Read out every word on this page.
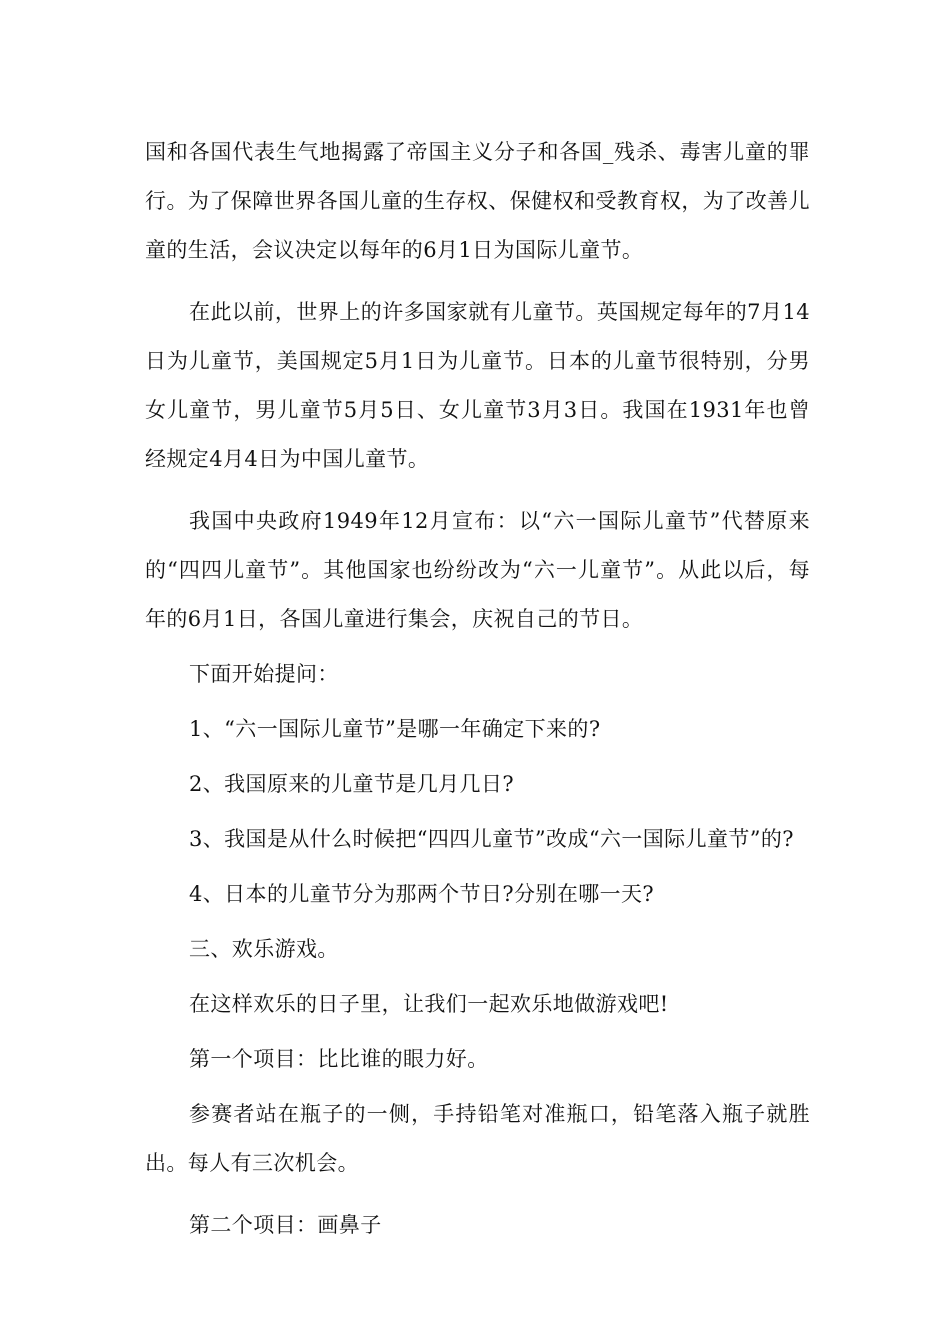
国和各国代表生气地揭露了帝国主义分子和各国_残杀、毒害儿童的罪行。为了保障世界各国儿童的生存权、保健权和受教育权，为了改善儿童的生活，会议决定以每年的6月1日为国际儿童节。

在此以前，世界上的许多国家就有儿童节。英国规定每年的7月14日为儿童节，美国规定5月1日为儿童节。日本的儿童节很特别，分男女儿童节，男儿童节5月5日、女儿童节3月3日。我国在1931年也曾经规定4月4日为中国儿童节。

我国中央政府1949年12月宣布：以“六一国际儿童节”代替原来的“四四儿童节”。其他国家也纷纷改为“六一儿童节”。从此以后，每年的6月1日，各国儿童进行集会，庆祝自己的节日。

下面开始提问：

1、“六一国际儿童节”是哪一年确定下来的?

2、我国原来的儿童节是几月几日?

3、我国是从什么时候把“四四儿童节”改成“六一国际儿童节”的?

4、日本的儿童节分为那两个节日?分别在哪一天?

三、欢乐游戏。

在这样欢乐的日子里，让我们一起欢乐地做游戏吧!

第一个项目：比比谁的眼力好。

参赛者站在瓶子的一侧，手持铅笔对准瓶口，铅笔落入瓶子就胜出。每人有三次机会。

第二个项目：画鼻子
